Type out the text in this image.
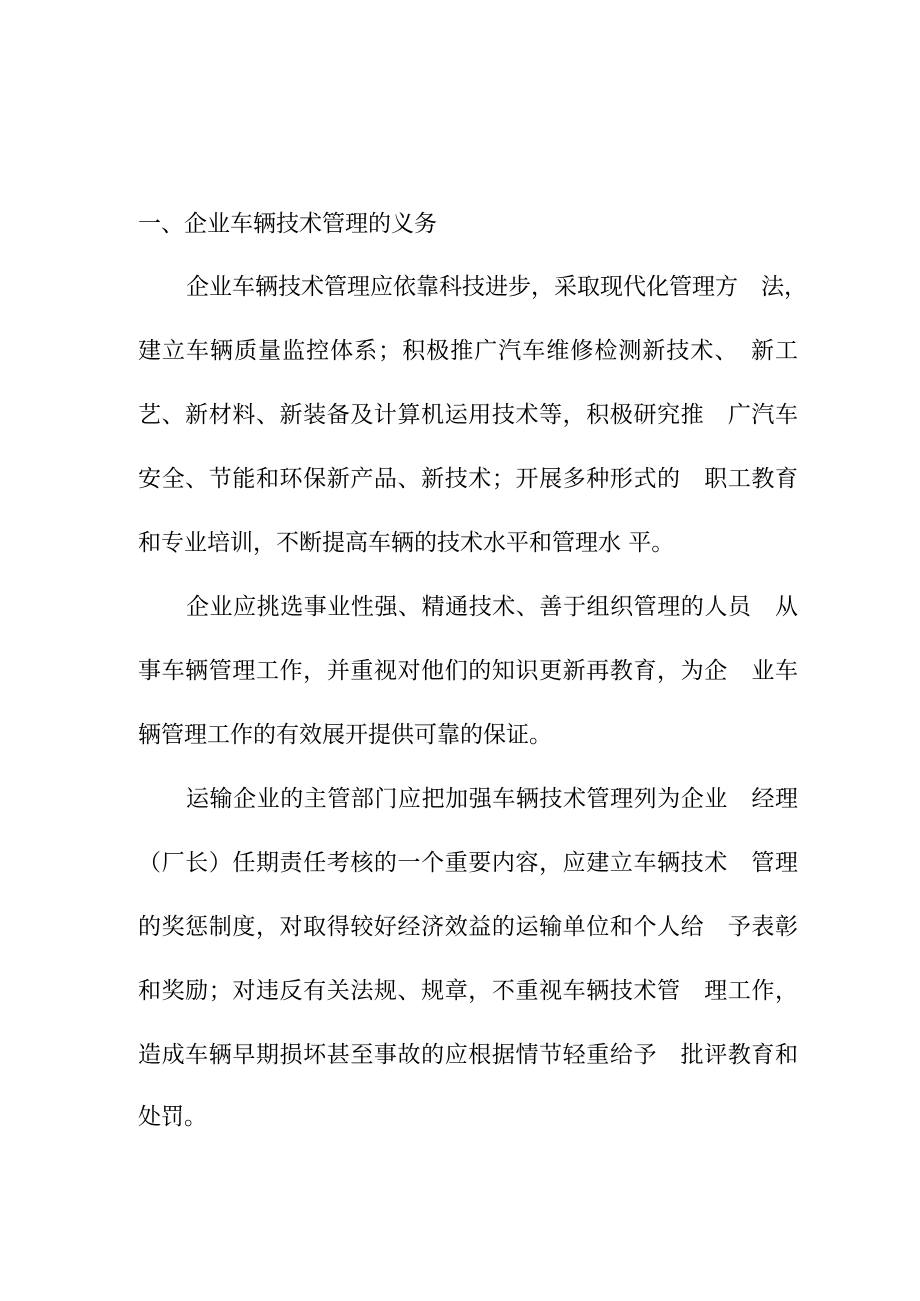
一、企业车辆技术管理的义务
企业车辆技术管理应依靠科技进步，采取现代化管理方　法，
建立车辆质量监控体系；积极推广汽车维修检测新技术、　新工
艺、新材料、新装备及计算机运用技术等，积极研究推　广汽车
安全、节能和环保新产品、新技术；开展多种形式的　职工教育
和专业培训，不断提高车辆的技术水平和管理水 平。
企业应挑选事业性强、精通技术、善于组织管理的人员　从
事车辆管理工作，并重视对他们的知识更新再教育，为企　业车
辆管理工作的有效展开提供可靠的保证。
运输企业的主管部门应把加强车辆技术管理列为企业　经理
（厂长）任期责任考核的一个重要内容，应建立车辆技术　管理
的奖惩制度，对取得较好经济效益的运输单位和个人给　予表彰
和奖励；对违反有关法规、规章，不重视车辆技术管　理工作，
造成车辆早期损坏甚至事故的应根据情节轻重给予　批评教育和
处罚。
